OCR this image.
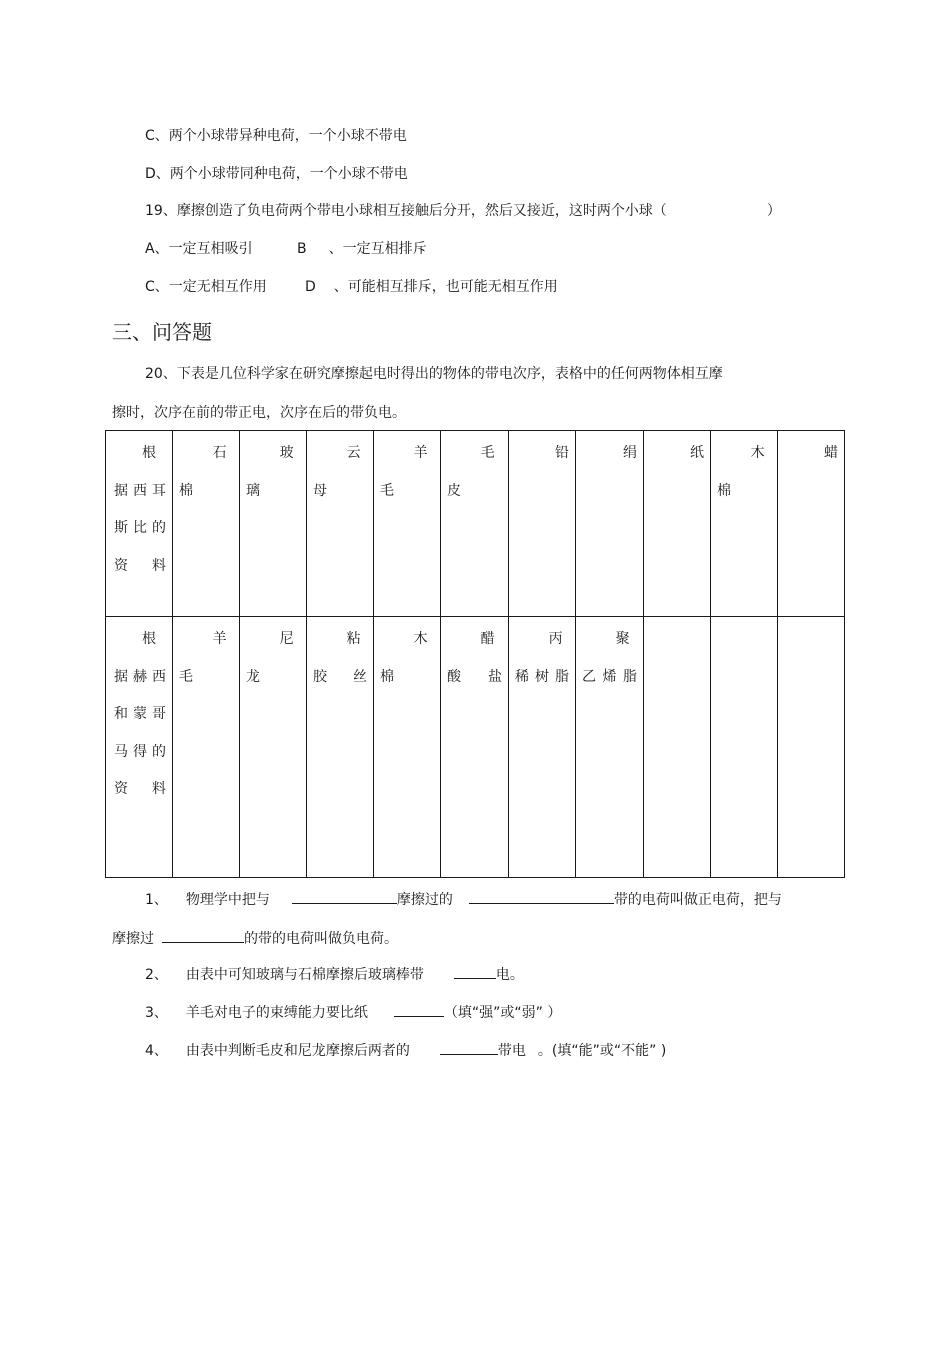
C、两个小球带异种电荷，一个小球不带电
D、两个小球带同种电荷，一个小球不带电
19、摩擦创造了负电荷两个带电小球相互接触后分开，然后又接近，这时两个小球（	）
A、一定互相吸引	B 、一定互相排斥
C、一定无相互作用	D 、可能相互排斥，也可能无相互作用
三、问答题
20、下表是几位科学家在研究摩擦起电时得出的物体的带电次序，表格中的任何两物体相互摩
擦时，次序在前的带正电，次序在后的带负电。
根据西耳斯比的资料	石棉	玻璃	云母	羊毛	毛皮	铅	绢	纸	木棉	蜡
根据赫西和蒙哥马得的资料	羊毛	尼龙	粘胶丝	木棉	醋酸盐	丙稀树脂	聚乙烯脂			
1、 物理学中把与	摩擦过的	带的电荷叫做正电荷，把与
摩擦过	的带的电荷叫做负电荷。
2、 由表中可知玻璃与石棉摩擦后玻璃棒带	电。
3、 羊毛对电子的束缚能力要比纸	（填“强”或“弱” ）
4、 由表中判断毛皮和尼龙摩擦后两者的	带电 。(填“能”或“不能” )
